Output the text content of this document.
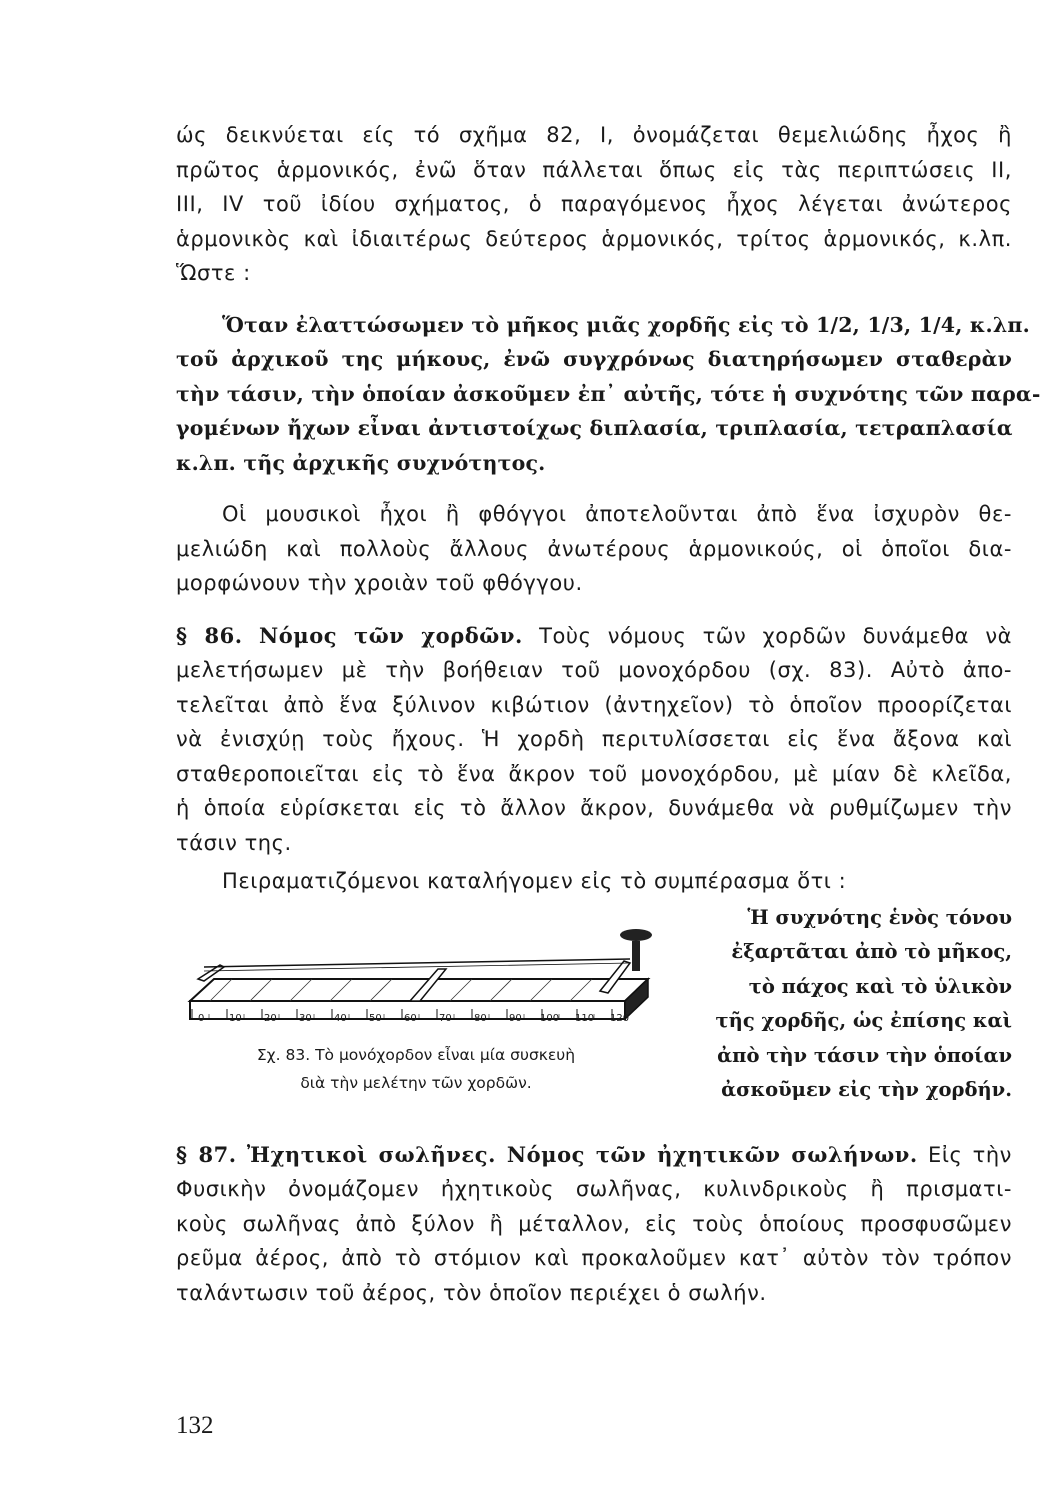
ώς δεικνύεται είς τό σχῆμα 82, Ι, ὀνομάζεται θεμελιώδης ἦχος ἢ
πρῶτος ἁρμονικός, ἐνῶ ὅταν πάλλεται ὅπως εἰς τὰς περιπτώσεις ΙΙ,
ΙΙΙ, IV τοῦ ἰδίου σχήματος, ὁ παραγόμενος ἦχος λέγεται ἀνώτερος
ἁρμονικὸς καὶ ἰδιαιτέρως δεύτερος ἁρμονικός, τρίτος ἁρμονικός, κ.λπ.
Ὥστε :
Ὅταν ἐλαττώσωμεν τὸ μῆκος μιᾶς χορδῆς εἰς τὸ 1/2, 1/3, 1/4, κ.λπ.
τοῦ ἀρχικοῦ της μήκους, ἐνῶ συγχρόνως διατηρήσωμεν σταθερὰν
τὴν τάσιν, τὴν ὁποίαν ἀσκοῦμεν ἐπ᾽ αὐτῆς, τότε ἡ συχνότης τῶν παρα-
γομένων ἤχων εἶναι ἀντιστοίχως διπλασία, τριπλασία, τετραπλασία
κ.λπ. τῆς ἀρχικῆς συχνότητος.
Οἱ μουσικοὶ ἦχοι ἢ φθόγγοι ἀποτελοῦνται ἀπὸ ἕνα ἰσχυρὸν θε-
μελιώδη καὶ πολλοὺς ἄλλους ἀνωτέρους ἁρμονικούς, οἱ ὁποῖοι δια-
μορφώνουν τὴν χροιὰν τοῦ φθόγγου.
§ 86. Νόμος τῶν χορδῶν. Τοὺς νόμους τῶν χορδῶν δυνάμεθα νὰ
μελετήσωμεν μὲ τὴν βοήθειαν τοῦ μονοχόρδου (σχ. 83). Αὐτὸ ἀπο-
τελεῖται ἀπὸ ἕνα ξύλινον κιβώτιον (ἀντηχεῖον) τὸ ὁποῖον προορίζεται
νὰ ἐνισχύῃ τοὺς ἤχους. Ἡ χορδὴ περιτυλίσσεται εἰς ἕνα ἄξονα καὶ
σταθεροποιεῖται εἰς τὸ ἕνα ἄκρον τοῦ μονοχόρδου, μὲ μίαν δὲ κλεῖδα,
ἡ ὁποία εὑρίσκεται εἰς τὸ ἄλλον ἄκρον, δυνάμεθα νὰ ρυθμίζωμεν τὴν
τάσιν της.
Πειραματιζόμενοι καταλήγομεν εἰς τὸ συμπέρασμα ὅτι :
0 10 20 30 40 50 60 70 80 90 100 110 120
Σχ. 83. Τὸ μονόχορδον εἶναι μία συσκευὴ
διὰ τὴν μελέτην τῶν χορδῶν.
Ἡ συχνότης ἑνὸς τόνου
ἐξαρτᾶται ἀπὸ τὸ μῆκος,
τὸ πάχος καὶ τὸ ὑλικὸν
τῆς χορδῆς, ὡς ἐπίσης καὶ
ἀπὸ τὴν τάσιν τὴν ὁποίαν
ἀσκοῦμεν εἰς τὴν χορδήν.
§ 87. Ἠχητικοὶ σωλῆνες. Νόμος τῶν ἠχητικῶν σωλήνων. Εἰς τὴν
Φυσικὴν ὀνομάζομεν ἠχητικοὺς σωλῆνας, κυλινδρικοὺς ἢ πρισματι-
κοὺς σωλῆνας ἀπὸ ξύλον ἢ μέταλλον, εἰς τοὺς ὁποίους προσφυσῶμεν
ρεῦμα ἀέρος, ἀπὸ τὸ στόμιον καὶ προκαλοῦμεν κατ᾽ αὐτὸν τὸν τρόπον
ταλάντωσιν τοῦ ἀέρος, τὸν ὁποῖον περιέχει ὁ σωλήν.
132
